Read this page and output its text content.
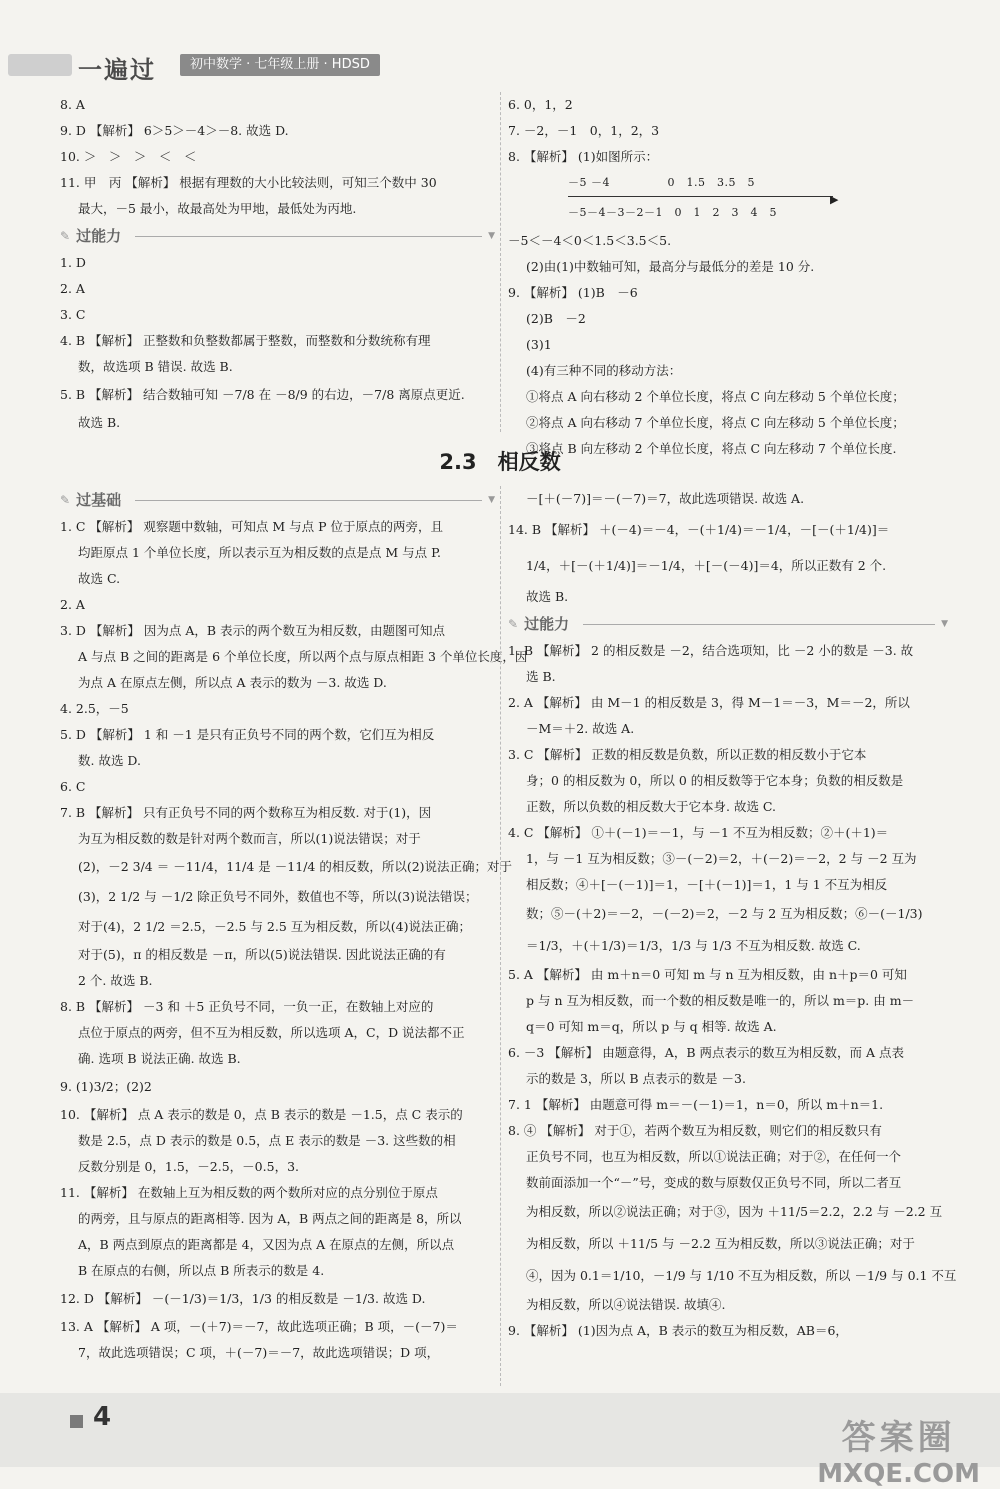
一遍过	初中数学 · 七年级上册 · HDSD
8. A
9. D 【解析】 6＞5＞－4＞－8. 故选 D.
10. ＞　＞　＞　＜　＜
11. 甲　丙 【解析】 根据有理数的大小比较法则，可知三个数中 30
最大，－5 最小，故最高处为甲地，最低处为丙地.
✎ 过能力	▼
1. D
2. A
3. C
4. B 【解析】 正整数和负整数都属于整数，而整数和分数统称有理
数，故选项 B 错误. 故选 B.
5. B 【解析】 结合数轴可知 －7/8 在 －8/9 的右边，－7/8 离原点更近.
故选 B.
6. 0，1，2
7. －2，－1　0，1，2，3
8. 【解析】 (1)如图所示：
－5 －4　　　　　0　1.5　3.5　5
▶
－5－4－3－2－1　0　1　2　3　4　5
－5＜－4＜0＜1.5＜3.5＜5.
(2)由(1)中数轴可知，最高分与最低分的差是 10 分.
9. 【解析】 (1)B　－6
(2)B　－2
(3)1
(4)有三种不同的移动方法：
①将点 A 向右移动 2 个单位长度，将点 C 向左移动 5 个单位长度；
②将点 A 向右移动 7 个单位长度，将点 C 向左移动 5 个单位长度；
③将点 B 向左移动 2 个单位长度，将点 C 向左移动 7 个单位长度.
2.3　相反数
✎ 过基础	▼
1. C 【解析】 观察题中数轴，可知点 M 与点 P 位于原点的两旁，且
均距原点 1 个单位长度，所以表示互为相反数的点是点 M 与点 P.
故选 C.
2. A
3. D 【解析】 因为点 A，B 表示的两个数互为相反数，由题图可知点
A 与点 B 之间的距离是 6 个单位长度，所以两个点与原点相距 3 个单位长度，因
为点 A 在原点左侧，所以点 A 表示的数为 －3. 故选 D.
4. 2.5，－5
5. D 【解析】 1 和 －1 是只有正负号不同的两个数，它们互为相反
数. 故选 D.
6. C
7. B 【解析】 只有正负号不同的两个数称互为相反数. 对于(1)，因
为互为相反数的数是针对两个数而言，所以(1)说法错误；对于
(2)，－2 3/4 ＝ －11/4，11/4 是 －11/4 的相反数，所以(2)说法正确；对于
(3)，2 1/2 与 －1/2 除正负号不同外，数值也不等，所以(3)说法错误；
对于(4)，2 1/2 ＝2.5，－2.5 与 2.5 互为相反数，所以(4)说法正确；
对于(5)，π 的相反数是 －π，所以(5)说法错误. 因此说法正确的有
2 个. 故选 B.
8. B 【解析】 －3 和 ＋5 正负号不同，一负一正，在数轴上对应的
点位于原点的两旁，但不互为相反数，所以选项 A，C，D 说法都不正
确. 选项 B 说法正确. 故选 B.
9. (1)3/2；(2)2
10. 【解析】 点 A 表示的数是 0，点 B 表示的数是 －1.5，点 C 表示的
数是 2.5，点 D 表示的数是 0.5，点 E 表示的数是 －3. 这些数的相
反数分别是 0，1.5，－2.5，－0.5，3.
11. 【解析】 在数轴上互为相反数的两个数所对应的点分别位于原点
的两旁，且与原点的距离相等. 因为 A，B 两点之间的距离是 8，所以
A，B 两点到原点的距离都是 4，又因为点 A 在原点的左侧，所以点
B 在原点的右侧，所以点 B 所表示的数是 4.
12. D 【解析】 －(－1/3)＝1/3，1/3 的相反数是 －1/3. 故选 D.
13. A 【解析】 A 项，－(＋7)＝－7，故此选项正确；B 项，－(－7)＝
7，故此选项错误；C 项，＋(－7)＝－7，故此选项错误；D 项，
－[＋(－7)]＝－(－7)＝7，故此选项错误. 故选 A.
14. B 【解析】 ＋(－4)＝－4，－(＋1/4)＝－1/4，－[－(＋1/4)]＝
1/4，＋[－(＋1/4)]＝－1/4，＋[－(－4)]＝4，所以正数有 2 个.
故选 B.
✎ 过能力	▼
1. B 【解析】 2 的相反数是 －2，结合选项知，比 －2 小的数是 －3. 故
选 B.
2. A 【解析】 由 M－1 的相反数是 3，得 M－1＝－3，M＝－2，所以
－M＝＋2. 故选 A.
3. C 【解析】 正数的相反数是负数，所以正数的相反数小于它本
身；0 的相反数为 0，所以 0 的相反数等于它本身；负数的相反数是
正数，所以负数的相反数大于它本身. 故选 C.
4. C 【解析】 ①＋(－1)＝－1，与 －1 不互为相反数；②＋(＋1)＝
1，与 －1 互为相反数；③－(－2)＝2，＋(－2)＝－2，2 与 －2 互为
相反数；④＋[－(－1)]＝1，－[＋(－1)]＝1，1 与 1 不互为相反
数；⑤－(＋2)＝－2，－(－2)＝2，－2 与 2 互为相反数；⑥－(－1/3)
＝1/3，＋(＋1/3)＝1/3，1/3 与 1/3 不互为相反数. 故选 C.
5. A 【解析】 由 m＋n＝0 可知 m 与 n 互为相反数，由 n＋p＝0 可知
p 与 n 互为相反数，而一个数的相反数是唯一的，所以 m＝p. 由 m－
q＝0 可知 m＝q，所以 p 与 q 相等. 故选 A.
6. －3 【解析】 由题意得，A，B 两点表示的数互为相反数，而 A 点表
示的数是 3，所以 B 点表示的数是 －3.
7. 1 【解析】 由题意可得 m＝－(－1)＝1，n＝0，所以 m＋n＝1.
8. ④ 【解析】 对于①，若两个数互为相反数，则它们的相反数只有
正负号不同，也互为相反数，所以①说法正确；对于②，在任何一个
数前面添加一个“－”号，变成的数与原数仅正负号不同，所以二者互
为相反数，所以②说法正确；对于③，因为 ＋11/5＝2.2，2.2 与 －2.2 互
为相反数，所以 ＋11/5 与 －2.2 互为相反数，所以③说法正确；对于
④，因为 0.1＝1/10，－1/9 与 1/10 不互为相反数，所以 －1/9 与 0.1 不互
为相反数，所以④说法错误. 故填④.
9. 【解析】 (1)因为点 A，B 表示的数互为相反数，AB＝6，
4
答案圈
MXQE.COM
